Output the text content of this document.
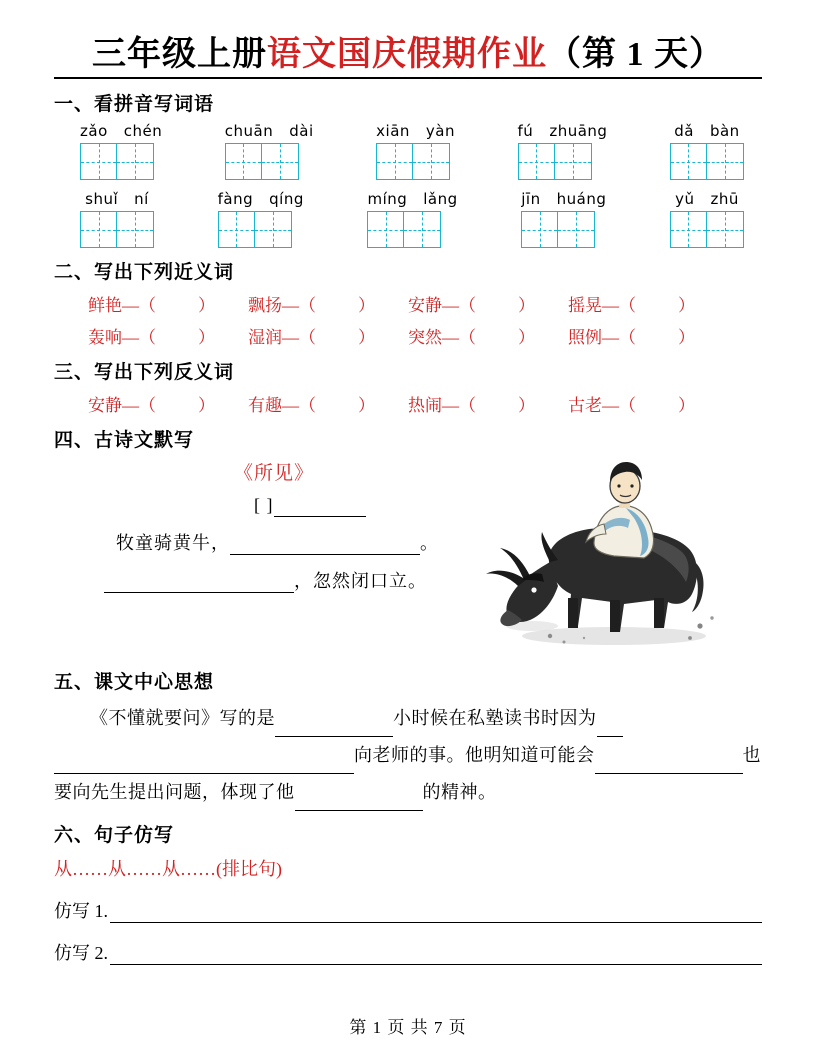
三年级上册语文国庆假期作业（第 1 天）
一、看拼音写词语
zǎo chén	chuān dài	xiān yàn	fú zhuāng	dǎ bàn
shuǐ ní	fàng qíng	míng lǎng	jīn huáng	yǔ zhū
二、写出下列近义词
鲜艳—（ ）	飘扬—（ ）	安静—（ ）	摇晃—（ ）
轰响—（ ）	湿润—（ ）	突然—（ ）	照例—（ ）
三、写出下列反义词
安静—（ ）	有趣—（ ）	热闹—（ ）	古老—（ ）
四、古诗文默写
《所见》
[ ]
牧童骑黄牛，	。
，忽然闭口立。
五、课文中心思想
《不懂就要问》写的是	小时候在私塾读书时因为  向老师的事。他明知道可能会	也要向先生提出问题，体现了他	的精神。
六、句子仿写
从……从……从……(排比句)
仿写 1.
仿写 2.
第 1 页 共 7 页
